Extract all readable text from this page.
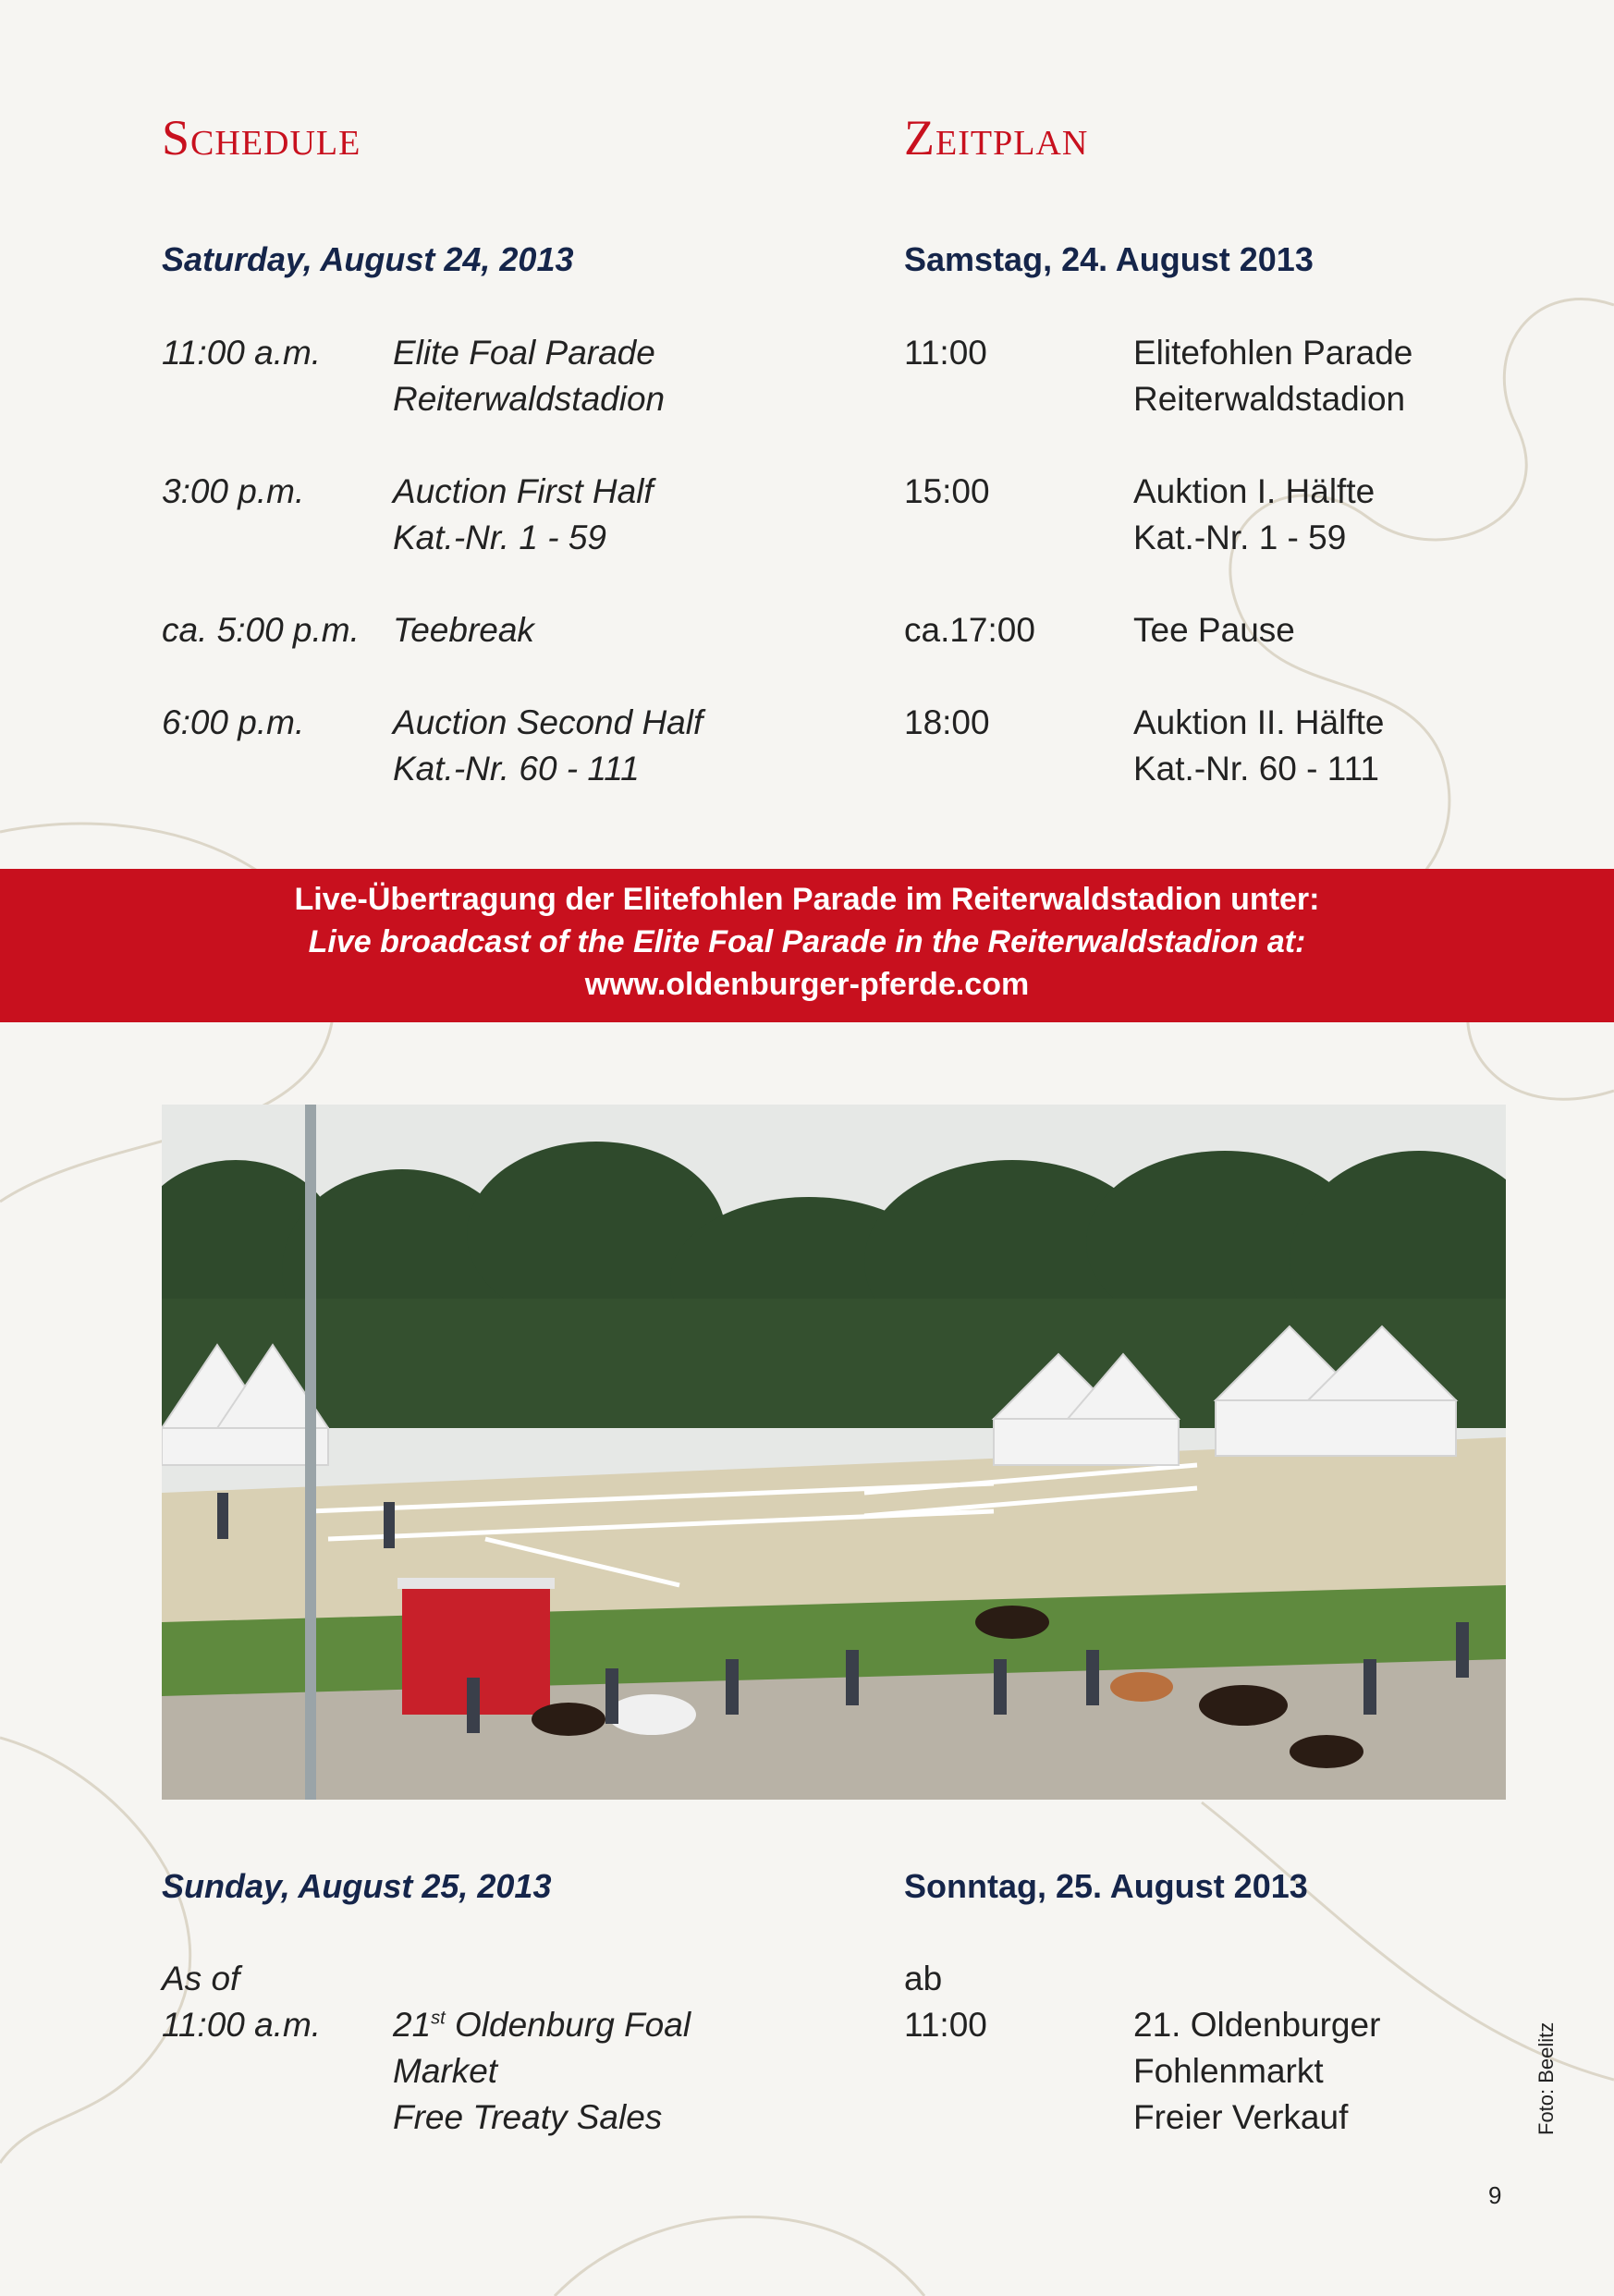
Schedule	Zeitplan

Saturday, August 24, 2013	Samstag, 24. August 2013

11:00 a.m. Elite Foal Parade
Reiterwaldstadion
3:00 p.m.	Auction First Half
Kat.-Nr. 1 - 59
ca. 5:00 p.m. Teebreak
6:00 p.m.	Auction Second Half
Kat.-Nr. 60 - 111
11:00	Elitefohlen Parade
Reiterwaldstadion
15:00	Auktion I. Hälfte
Kat.-Nr. 1 - 59
ca.17:00	Tee Pause
18:00	Auktion II. Hälfte
Kat.-Nr. 60 - 111
Live-Übertragung der Elitefohlen Parade im Reiterwaldstadion unter:
Live broadcast of the Elite Foal Parade in the Reiterwaldstadion at:
www.oldenburger-pferde.com

Sunday, August 25, 2013	Sonntag, 25. August 2013

As of
11:00 a.m. 21st Oldenburg Foal
Market
Free Treaty Sales
ab
11:00	21. Oldenburger
Fohlenmarkt
Freier Verkauf	Foto: Beelitz
9
